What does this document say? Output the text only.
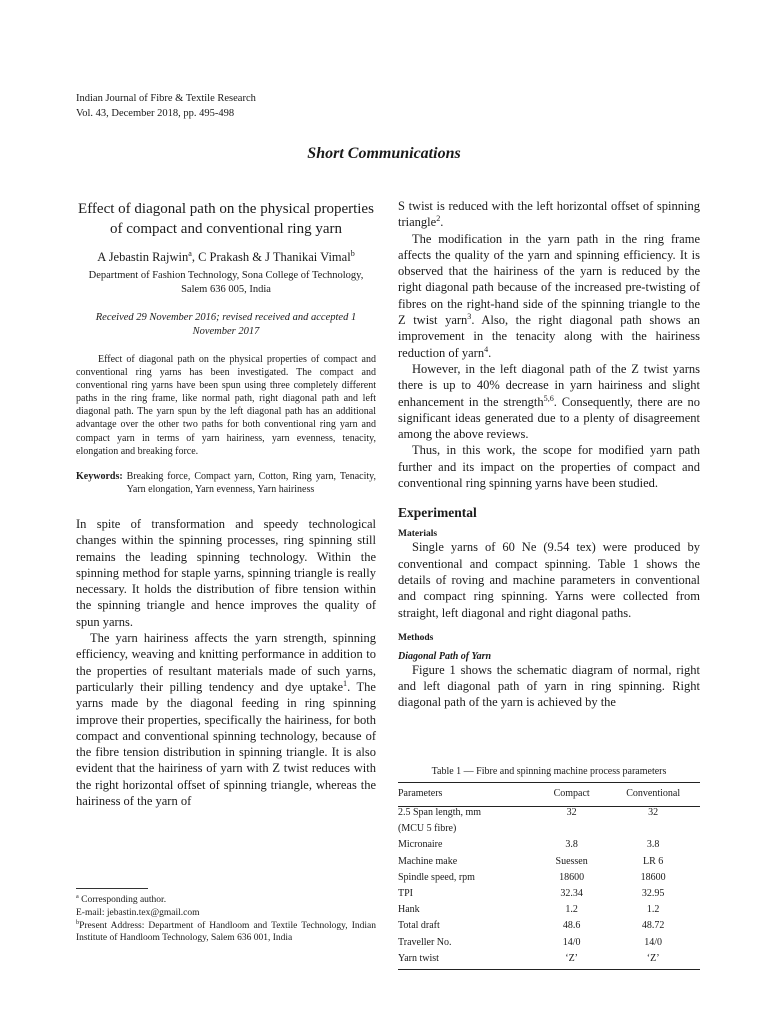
Indian Journal of Fibre & Textile Research
Vol. 43, December 2018, pp. 495-498
Short Communications

Effect of diagonal path on the physical properties of compact and conventional ring yarn

A Jebastin Rajwin$^a$, C Prakash & J Thanikai Vimal$^b$

Department of Fashion Technology, Sona College of Technology, Salem 636 005, India

Received 29 November 2016; revised received and accepted 1 November 2017

Effect of diagonal path on the physical properties of compact and conventional ring yarns has been investigated. The compact and conventional ring yarns have been spun using three completely different paths in the ring frame, like normal path, right diagonal path and left diagonal path. The yarn spun by the left diagonal path has an additional advantage over the other two paths for both conventional ring yarn and compact yarn in terms of yarn hairiness, yarn evenness, tenacity, elongation and breaking force.

Keywords: Breaking force, Compact yarn, Cotton, Ring yarn, Tenacity, Yarn elongation, Yarn evenness, Yarn hairiness

In spite of transformation and speedy technological changes within the spinning processes, ring spinning still remains the leading spinning technology. Within the spinning method for staple yarns, spinning triangle is really necessary. It holds the distribution of fibre tension within the spinning triangle and hence improves the quality of spun yarns.

The yarn hairiness affects the yarn strength, spinning efficiency, weaving and knitting performance in addition to the properties of resultant materials made of such yarns, particularly their pilling tendency and dye uptake$^1$. The yarns made by the diagonal feeding in ring spinning improve their properties, specifically the hairiness, for both compact and conventional spinning technology, because of the fibre tension distribution in spinning triangle. It is also evident that the hairiness of yarn with Z twist reduces with the right horizontal offset of spinning triangle, whereas the hairiness of the yarn of

$^a$ Corresponding author.

E-mail: jebastin.tex@gmail.com

$^b$Present Address: Department of Handloom and Textile Technology, Indian Institute of Handloom Technology, Salem 636 001, India

S twist is reduced with the left horizontal offset of spinning triangle$^2$.

The modification in the yarn path in the ring frame affects the quality of the yarn and spinning efficiency. It is observed that the hairiness of the yarn is reduced by the right diagonal path because of the increased pre-twisting of fibres on the right-hand side of the spinning triangle to the Z twist yarn$^3$. Also, the right diagonal path shows an improvement in the tenacity along with the hairiness reduction of yarn$^4$.

However, in the left diagonal path of the Z twist yarns there is up to 40% decrease in yarn hairiness and slight enhancement in the strength$^{5,6}$. Consequently, there are no significant ideas generated due to a plenty of disagreement among the above reviews.

Thus, in this work, the scope for modified yarn path further and its impact on the properties of compact and conventional ring spinning yarns have been studied.

Experimental

Materials

Single yarns of 60 Ne (9.54 tex) were produced by conventional and compact spinning. Table 1 shows the details of roving and machine parameters in conventional and compact ring spinning. Yarns were collected from straight, left diagonal and right diagonal paths.

Methods

Diagonal Path of Yarn

Figure 1 shows the schematic diagram of normal, right and left diagonal path of yarn in ring spinning. Right diagonal path of the yarn is achieved by the

Table 1 — Fibre and spinning machine process parameters
Parameters	Compact	Conventional
2.5 Span length, mm	32	32
(MCU 5 fibre)		
Micronaire	3.8	3.8
Machine make	Suessen	LR 6
Spindle speed, rpm	18600	18600
TPI	32.34	32.95
Hank	1.2	1.2
Total draft	48.6	48.72
Traveller No.	14/0	14/0
Yarn twist	‘Z’	‘Z’
